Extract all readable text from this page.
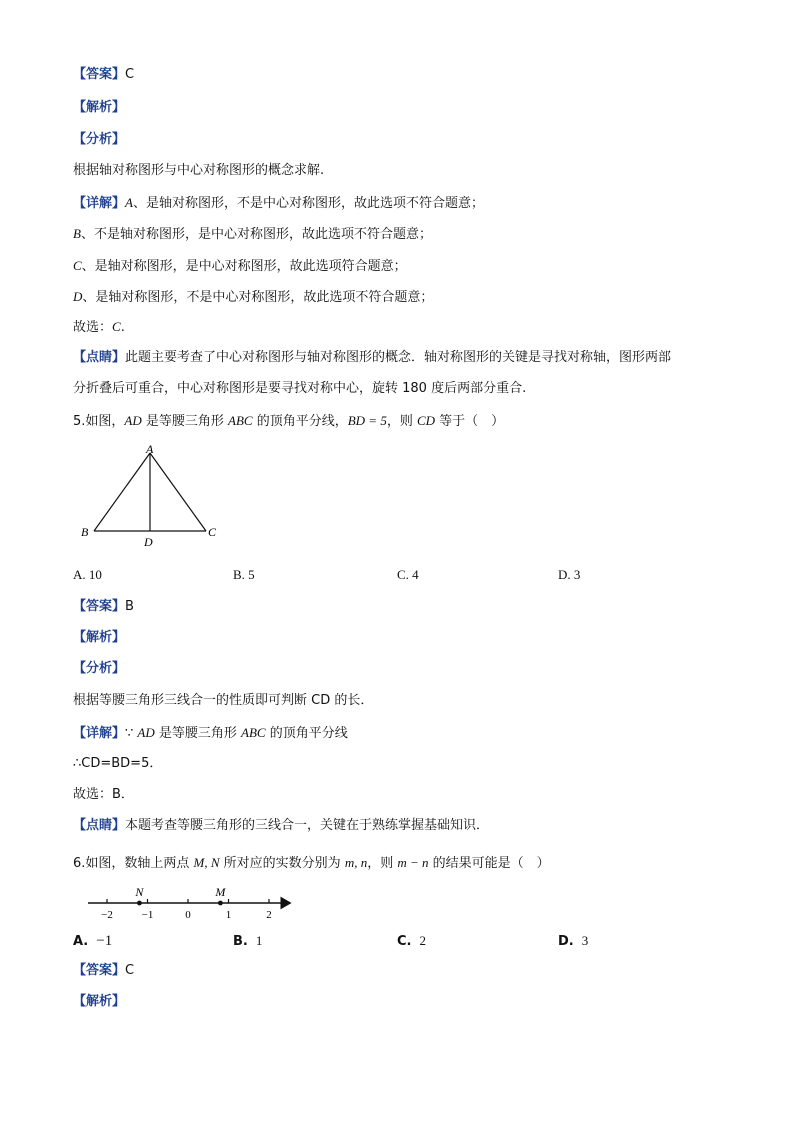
【答案】C
【解析】
【分析】
根据轴对称图形与中心对称图形的概念求解.
【详解】A、是轴对称图形，不是中心对称图形，故此选项不符合题意；
B、不是轴对称图形，是中心对称图形，故此选项不符合题意；
C、是轴对称图形，是中心对称图形，故此选项符合题意；
D、是轴对称图形，不是中心对称图形，故此选项不符合题意；
故选：C.
【点睛】此题主要考查了中心对称图形与轴对称图形的概念．轴对称图形的关键是寻找对称轴，图形两部
分折叠后可重合，中心对称图形是要寻找对称中心，旋转 180 度后两部分重合.
5.如图，AD 是等腰三角形 ABC 的顶角平分线，BD = 5，则 CD 等于（　）
A
B	C
D
A. 10	B. 5	C. 4	D. 3
【答案】B
【解析】
【分析】
根据等腰三角形三线合一的性质即可判断 CD 的长．
【详解】∵ AD 是等腰三角形 ABC 的顶角平分线
∴CD=BD=5．
故选：B．
【点睛】本题考查等腰三角形的三线合一，关键在于熟练掌握基础知识．
6.如图，数轴上两点 M, N 所对应的实数分别为 m, n，则 m − n 的结果可能是（　）
−2	−1	0	1	2
N	M
A. −1	B. 1	C. 2	D. 3
【答案】C
【解析】
